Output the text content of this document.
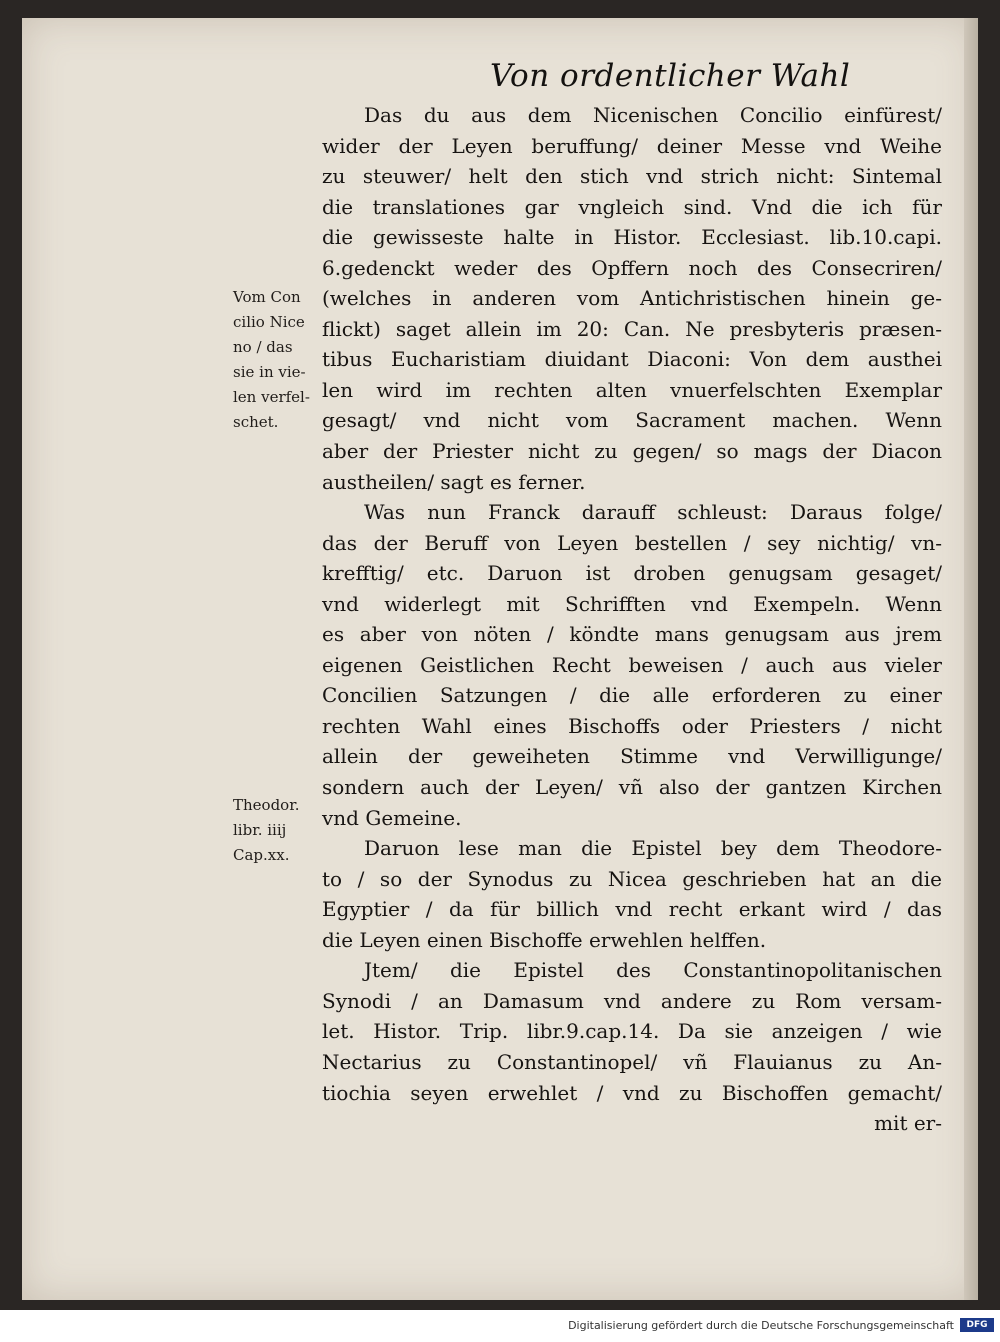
Von ordentlicher Wahl
Das du aus dem Nicenischen Concilio einfürest/
wider der Leyen beruffung/ deiner Messe vnd Weihe
zu steuwer/ helt den stich vnd strich nicht: Sintemal
die translationes gar vngleich sind. Vnd die ich für
die gewisseste halte in Histor. Ecclesiast. lib.10.capi.
6.gedenckt weder des Opffern noch des Consecriren/
(welches in anderen vom Antichristischen hinein ge-
flickt) saget allein im 20: Can. Ne presbyteris præsen-
tibus Eucharistiam diuidant Diaconi: Von dem austhei
len wird im rechten alten vnuerfelschten Exemplar
gesagt/ vnd nicht vom Sacrament machen. Wenn
aber der Priester nicht zu gegen/ so mags der Diacon
austheilen/ sagt es ferner.
Was nun Franck darauff schleust: Daraus folge/
das der Beruff von Leyen bestellen / sey nichtig/ vn-
krefftig/ etc. Daruon ist droben genugsam gesaget/
vnd widerlegt mit Schrifften vnd Exempeln. Wenn
es aber von nöten / köndte mans genugsam aus jrem
eigenen Geistlichen Recht beweisen / auch aus vieler
Concilien Satzungen / die alle erforderen zu einer
rechten Wahl eines Bischoffs oder Priesters / nicht
allein der geweiheten Stimme vnd Verwilligunge/
sondern auch der Leyen/ vñ also der gantzen Kirchen
vnd Gemeine.
Daruon lese man die Epistel bey dem Theodore-
to / so der Synodus zu Nicea geschrieben hat an die
Egyptier / da für billich vnd recht erkant wird / das
die Leyen einen Bischoffe erwehlen helffen.
Jtem/ die Epistel des Constantinopolitanischen
Synodi / an Damasum vnd andere zu Rom versam-
let. Histor. Trip. libr.9.cap.14. Da sie anzeigen / wie
Nectarius zu Constantinopel/ vñ Flauianus zu An-
tiochia seyen erwehlet / vnd zu Bischoffen gemacht/
mit er-
Vom Con
cilio Nice
no / das
sie in vie-
len verfel-
schet.
Theodor.
libr. iiij
Cap.xx.
Digitalisierung gefördert durch die Deutsche Forschungsgemeinschaft	DFG
